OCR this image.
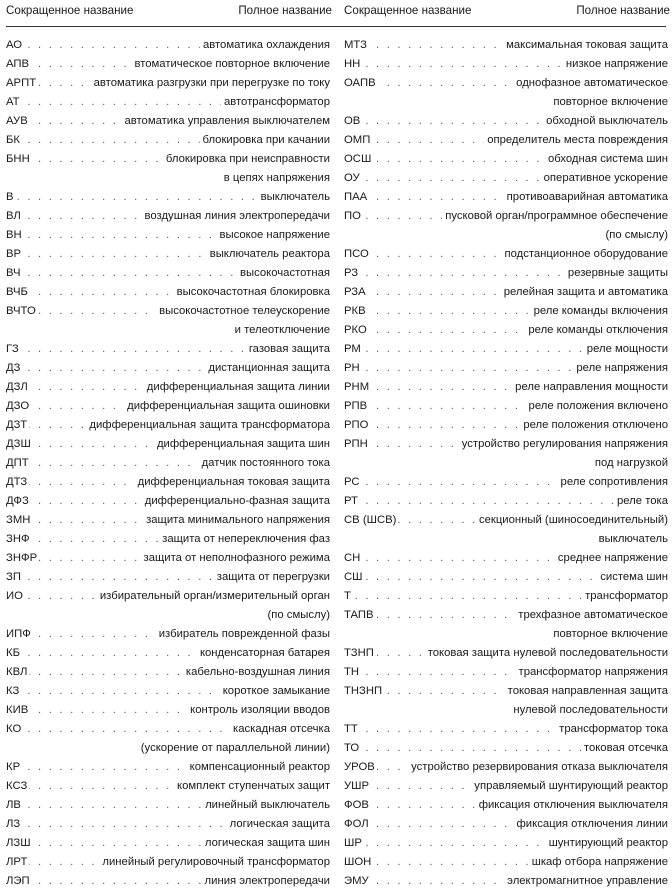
Сокращенное название	Полное название Сокращенное название	Полное название
. . .
АО	автоматика охлаждения
. . .
АПВ	втоматическое повторное включение
. . .
АРПТ	автоматика разгрузки при перегрузке по току
. . .
АТ	автотрансформатор
. . .
АУВ	автоматика управления выключателем
. . .
БК	блокировка при качании
. . .
БНН	блокировка при неисправности
в цепях напряжения
. . .
В	выключатель
. . .
ВЛ	воздушная линия электропередачи
. . .
ВН	высокое напряжение
. . .
ВР	выключатель реактора
. . .
ВЧ	высокочастотная
. . .
ВЧБ	высокочастотная блокировка
. . .
ВЧТО	высокочастотное телеускорение
и телеотключение
. . .
ГЗ	газовая защита
. . .
ДЗ	дистанционная защита
. . .
ДЗЛ	дифференциальная защита линии
. . .
ДЗО	дифференциальная защита ошиновки
. . .
ДЗТ	дифференциальная защита трансформатора
. . .
ДЗШ	дифференциальная защита шин
. . .
ДПТ	датчик постоянного тока
. . .
ДТЗ	дифференциальная токовая защита
. . .
ДФЗ	дифференциально-фазная защита
. . .
ЗМН	защита минимального напряжения
. . .
ЗНФ	защита от непереключения фаз
. . .
ЗНФР	защита от неполнофазного режима
. . .
ЗП	защита от перегрузки
. . .
ИО	избирательный орган/измерительный орган
(по смыслу)
. . .
ИПФ	избиратель поврежденной фазы
. . .
КБ	конденсаторная батарея
. . .
КВЛ	кабельно-воздушная линия
. . .
КЗ	короткое замыкание
. . .
КИВ	контроль изоляции вводов
. . .
КО	каскадная отсечка
(ускорение от параллельной линии)
. . .
КР	компенсационный реактор
. . .
КСЗ	комплект ступенчатых защит
. . .
ЛВ	линейный выключатель
. . .
ЛЗ	логическая защита
. . .
ЛЗШ	логическая защита шин
. . .
ЛРТ	линейный регулировочный трансформатор
. . .
ЛЭП	линия электропередачи
. . .
МТЗ	максимальная токовая защита
. . .
НН	низкое напряжение
. . .
ОАПВ	однофазное автоматическое
повторное включение
. . .
ОВ	обходной выключатель
. . .
ОМП	определитель места повреждения
. . .
ОСШ	обходная система шин
. . .
ОУ	оперативное ускорение
. . .
ПАА	противоаварийная автоматика
. . .
ПО	пусковой орган/программное обеспечение
(по смыслу)
. . .
ПСО	подстанционное оборудование
. . .
РЗ	резервные защиты
. . .
РЗА	релейная защита и автоматика
. . .
РКВ	реле команды включения
. . .
РКО	реле команды отключения
. . .
РМ	реле мощности
. . .
РН	реле напряжения
. . .
РНМ	реле направления мощности
. . .
РПВ	реле положения включено
. . .
РПО	реле положения отключено
. . .
РПН	устройство регулирования напряжения
под нагрузкой
. . .
РС	реле сопротивления
. . .
РТ	реле тока
. . .
СВ (ШСВ)	секционный (шиносоединительный)
выключатель
. . .
СН	среднее напряжение
. . .
СШ	система шин
. . .
Т	трансформатор
. . .
ТАПВ	трехфазное автоматическое
повторное включение
. . .
ТЗНП	токовая защита нулевой последовательности
. . .
ТН	трансформатор напряжения
. . .
ТНЗНП	токовая направленная защита
нулевой последовательности
. . .
ТТ	трансформатор тока
. . .
ТО	токовая отсечка
. . .
УРОВ	устройство резервирования отказа выключателя
. . .
УШР	управляемый шунтирующий реактор
. . .
ФОВ	фиксация отключения выключателя
. . .
ФОЛ	фиксация отключения линии
. . .
ШР	шунтирующий реактор
. . .
ШОН	шкаф отбора напряжение
. . .
ЭМУ	электромагнитное управление
